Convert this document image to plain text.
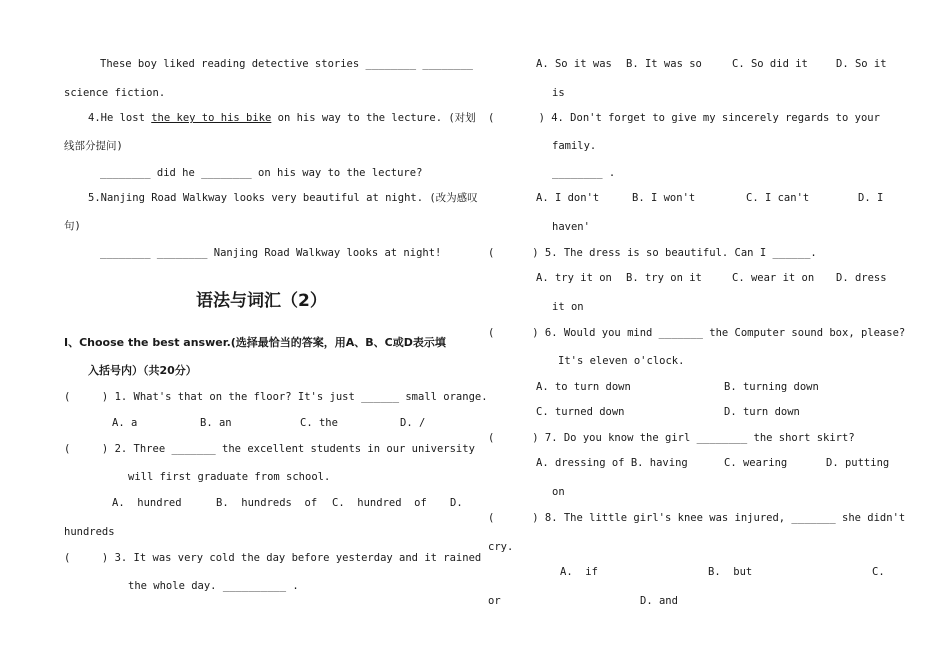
These boy liked reading detective stories ________ ________
science fiction.
4.He lost the key to his bike on his way to the lecture. (对划
线部分提问)
________ did he ________ on his way to the lecture?
5.Nanjing Road Walkway looks very beautiful at night. (改为感叹
句)
________ ________ Nanjing Road Walkway looks at night!
语法与词汇（2）
Ⅰ、Choose the best answer.(选择最恰当的答案，用A、B、C或D表示填
入括号内）（共20分）
(     ) 1. What's that on the floor? It's just ______ small orange.
A. a	B. an	C. the	D. /
(     ) 2. Three _______ the excellent students in our university
will first graduate from school.
A.  hundred	B.  hundreds  of C.  hundred  of D.
hundreds
(     ) 3. It was very cold the day before yesterday and it rained
the whole day. __________ .
A. So it was B. It was so	C. So did it	D. So it
is
(       ) 4. Don't forget to give my sincerely regards to your
family.
________ .
A. I don't	B. I won't	C. I can't	D. I
haven'
(      ) 5. The dress is so beautiful. Can I ______.
A. try it on B. try on it	C. wear it on D. dress
it on
(      ) 6. Would you mind _______ the Computer sound box, please?
It's eleven o'clock.
A. to turn down	B. turning down
C. turned down	D. turn down
(      ) 7. Do you know the girl ________ the short skirt?
A. dressing of B. having	C. wearing	D. putting
on
(      ) 8. The little girl's knee was injured, _______ she didn't
cry.
A.  if	B.  but	C.
or	D. and
